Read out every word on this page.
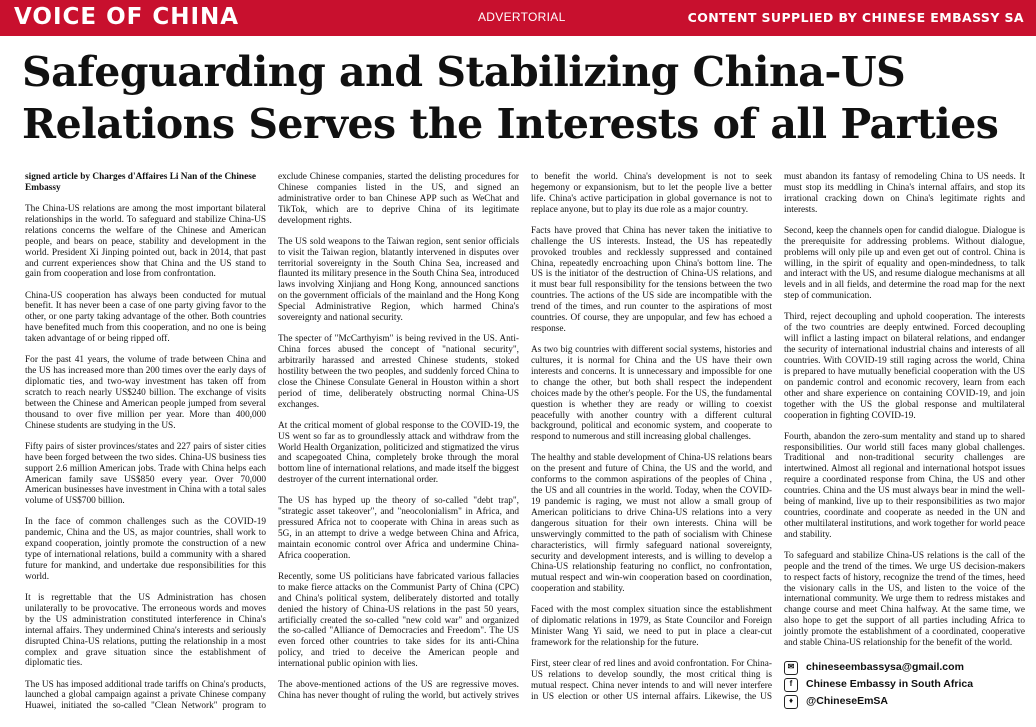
VOICE OF CHINA	ADVERTORIAL	CONTENT SUPPLIED BY CHINESE EMBASSY SA
Safeguarding and Stabilizing China-US Relations Serves the Interests of all Parties

signed article by Charges d'Affaires Li Nan of the Chinese Embassy

The China-US relations are among the most important bilateral relationships in the world. To safeguard and stabilize China-US relations concerns the welfare of the Chinese and American people, and bears on peace, stability and development in the world. President Xi Jinping pointed out, back in 2014, that past and current experiences show that China and the US stand to gain from cooperation and lose from confrontation.

China-US cooperation has always been conducted for mutual benefit. It has never been a case of one party giving favor to the other, or one party taking advantage of the other. Both countries have benefited much from this cooperation, and no one is being taken advantage of or being ripped off.

For the past 41 years, the volume of trade between China and the US has increased more than 200 times over the early days of diplomatic ties, and two-way investment has taken off from scratch to reach nearly US$240 billion. The exchange of visits between the Chinese and American people jumped from several thousand to over five million per year. More than 400,000 Chinese students are studying in the US.

Fifty pairs of sister provinces/states and 227 pairs of sister cities have been forged between the two sides. China-US business ties support 2.6 million American jobs. Trade with China helps each American family save US$850 every year. Over 70,000 American businesses have investment in China with a total sales volume of US$700 billion.

In the face of common challenges such as the COVID-19 pandemic, China and the US, as major countries, shall work to expand cooperation, jointly promote the construction of a new type of international relations, build a community with a shared future for mankind, and undertake due responsibilities for this world.

It is regrettable that the US Administration has chosen unilaterally to be provocative. The erroneous words and moves by the US administration constituted interference in China's internal affairs. They undermined China's interests and seriously disrupted China-US relations, putting the relationship in a most complex and grave situation since the establishment of diplomatic ties.

The US has imposed additional trade tariffs on China's products, launched a global campaign against a private Chinese company Huawei, initiated the so-called "Clean Network" program to exclude Chinese companies, started the delisting procedures for Chinese companies listed in the US, and signed an administrative order to ban Chinese APP such as WeChat and TikTok, which are to deprive China of its legitimate development rights.

The US sold weapons to the Taiwan region, sent senior officials to visit the Taiwan region, blatantly intervened in disputes over territorial sovereignty in the South China Sea, increased and flaunted its military presence in the South China Sea, introduced laws involving Xinjiang and Hong Kong, announced sanctions on the government officials of the mainland and the Hong Kong Special Administrative Region, which harmed China's sovereignty and national security.

The specter of "McCarthyism" is being revived in the US. Anti-China forces abused the concept of "national security", arbitrarily harassed and arrested Chinese students, stoked hostility between the two peoples, and suddenly forced China to close the Chinese Consulate General in Houston within a short period of time, deliberately obstructing normal China-US exchanges.

At the critical moment of global response to the COVID-19, the US went so far as to groundlessly attack and withdraw from the World Health Organization, politicized and stigmatized the virus and scapegoated China, completely broke through the moral bottom line of international relations, and made itself the biggest destroyer of the current international order.

The US has hyped up the theory of so-called "debt trap", "strategic asset takeover", and "neocolonialism" in Africa, and pressured Africa not to cooperate with China in areas such as 5G, in an attempt to drive a wedge between China and Africa, maintain economic control over Africa and undermine China-Africa cooperation.

Recently, some US politicians have fabricated various fallacies to make fierce attacks on the Communist Party of China (CPC) and China's political system, deliberately distorted and totally denied the history of China-US relations in the past 50 years, artificially created the so-called "new cold war" and organized the so-called "Alliance of Democracies and Freedom". The US even forced other countries to take sides for its anti-China policy, and tried to deceive the American people and international public opinion with lies.

The above-mentioned actions of the US are regressive moves. China has never thought of ruling the world, but actively strives to benefit the world. China's development is not to seek hegemony or expansionism, but to let the people live a better life. China's active participation in global governance is not to replace anyone, but to play its due role as a major country.

Facts have proved that China has never taken the initiative to challenge the US interests. Instead, the US has repeatedly provoked troubles and recklessly suppressed and contained China, repeatedly encroaching upon China's bottom line. The US is the initiator of the destruction of China-US relations, and it must bear full responsibility for the tensions between the two countries. The actions of the US side are incompatible with the trend of the times, and run counter to the aspirations of most countries. Of course, they are unpopular, and few has echoed a response.

As two big countries with different social systems, histories and cultures, it is normal for China and the US have their own interests and concerns. It is unnecessary and impossible for one to change the other, but both shall respect the independent choices made by the other's people. For the US, the fundamental question is whether they are ready or willing to coexist peacefully with another country with a different cultural background, political and economic system, and cooperate to respond to numerous and still increasing global challenges.

The healthy and stable development of China-US relations bears on the present and future of China, the US and the world, and conforms to the common aspirations of the peoples of China , the US and all countries in the world. Today, when the COVID-19 pandemic is raging, we must not allow a small group of American politicians to drive China-US relations into a very dangerous situation for their own interests. China will be unswervingly committed to the path of socialism with Chinese characteristics, will firmly safeguard national sovereignty, security and development interests, and is willing to develop a China-US relationship featuring no conflict, no confrontation, mutual respect and win-win cooperation based on coordination, cooperation and stability.

Faced with the most complex situation since the establishment of diplomatic relations in 1979, as State Councilor and Foreign Minister Wang Yi said, we need to put in place a clear-cut framework for the relationship for the future.

First, steer clear of red lines and avoid confrontation. For China-US relations to develop soundly, the most critical thing is mutual respect. China never intends to and will never interfere in US election or other US internal affairs. Likewise, the US must abandon its fantasy of remodeling China to US needs. It must stop its meddling in China's internal affairs, and stop its irrational cracking down on China's legitimate rights and interests.

Second, keep the channels open for candid dialogue. Dialogue is the prerequisite for addressing problems. Without dialogue, problems will only pile up and even get out of control. China is willing, in the spirit of equality and open-mindedness, to talk and interact with the US, and resume dialogue mechanisms at all levels and in all fields, and determine the road map for the next step of communication.

Third, reject decoupling and uphold cooperation. The interests of the two countries are deeply entwined. Forced decoupling will inflict a lasting impact on bilateral relations, and endanger the security of international industrial chains and interests of all countries. With COVID-19 still raging across the world, China is prepared to have mutually beneficial cooperation with the US on pandemic control and economic recovery, learn from each other and share experience on containing COVID-19, and join together with the US the global response and multilateral cooperation in fighting COVID-19.

Fourth, abandon the zero-sum mentality and stand up to shared responsibilities. Our world still faces many global challenges. Traditional and non-traditional security challenges are intertwined. Almost all regional and international hotspot issues require a coordinated response from China, the US and other countries. China and the US must always bear in mind the well-being of mankind, live up to their responsibilities as two major countries, coordinate and cooperate as needed in the UN and other multilateral institutions, and work together for world peace and stability.

To safeguard and stabilize China-US relations is the call of the people and the trend of the times. We urge US decision-makers to respect facts of history, recognize the trend of the times, heed the visionary calls in the US, and listen to the voice of the international community. We urge them to redress mistakes and change course and meet China halfway. At the same time, we also hope to get the support of all parties including Africa to jointly promote the establishment of a coordinated, cooperative and stable China-US relationship for the benefit of the world.

✉	chineseembassysa@gmail.com
f	Chinese Embassy in South Africa
♦	@ChineseEmSA
